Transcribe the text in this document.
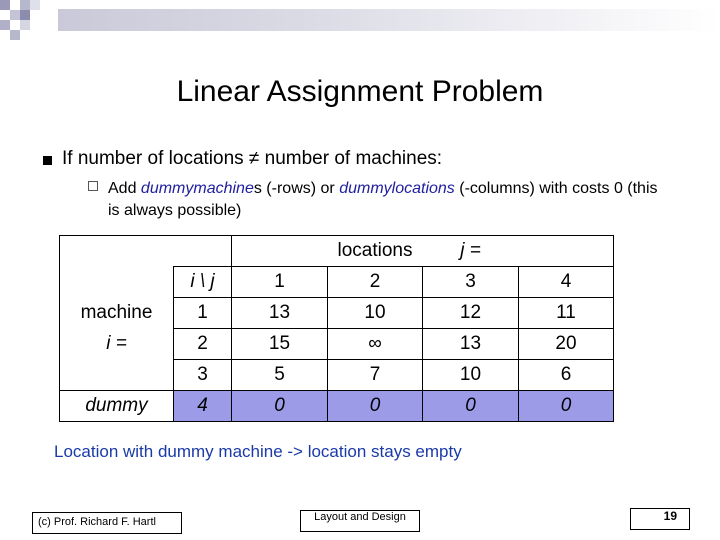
Linear Assignment Problem
If number of locations ≠ number of machines:
Add dummymachines (-rows) or dummylocations (-columns) with costs 0 (this is always possible)

locations	j =	

i \ j	1	2	3	4

machine	1	13	10	12	11

i =	2	15	∞	13	20

3	5	7	10	6

dummy	4	0	0	0	0
Location with dummy machine -> location stays empty
(c) Prof. Richard F. Hartl	Layout and Design	19
